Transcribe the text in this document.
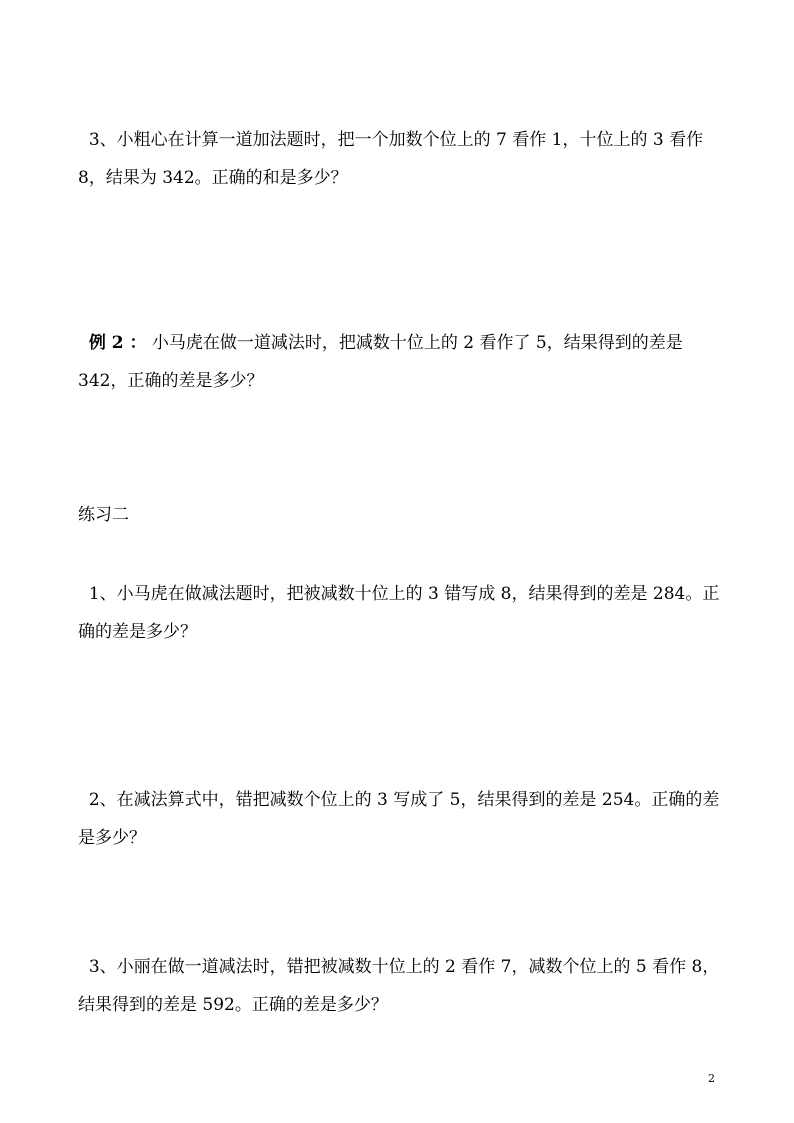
3、小粗心在计算一道加法题时，把一个加数个位上的 7 看作 1，十位上的 3 看作 8，结果为 342。正确的和是多少？

例 2 ： 小马虎在做一道减法时，把减数十位上的 2 看作了 5，结果得到的差是 342，正确的差是多少？

练习二

1、小马虎在做减法题时，把被减数十位上的 3 错写成 8，结果得到的差是 284。正确的差是多少？

2、在减法算式中，错把减数个位上的 3 写成了 5，结果得到的差是 254。正确的差是多少？

3、小丽在做一道减法时，错把被减数十位上的 2 看作 7，减数个位上的 5 看作 8，结果得到的差是 592。正确的差是多少？

2
